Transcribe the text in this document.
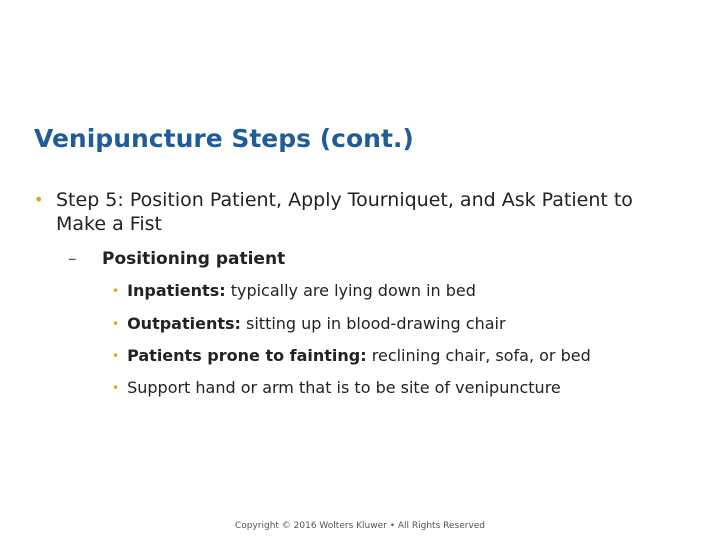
Venipuncture Steps (cont.)
• Step 5: Position Patient, Apply Tourniquet, and Ask Patient to Make a Fist
– Positioning patient
• Inpatients: typically are lying down in bed
• Outpatients: sitting up in blood-drawing chair
• Patients prone to fainting: reclining chair, sofa, or bed
• Support hand or arm that is to be site of venipuncture
Copyright © 2016 Wolters Kluwer • All Rights Reserved
